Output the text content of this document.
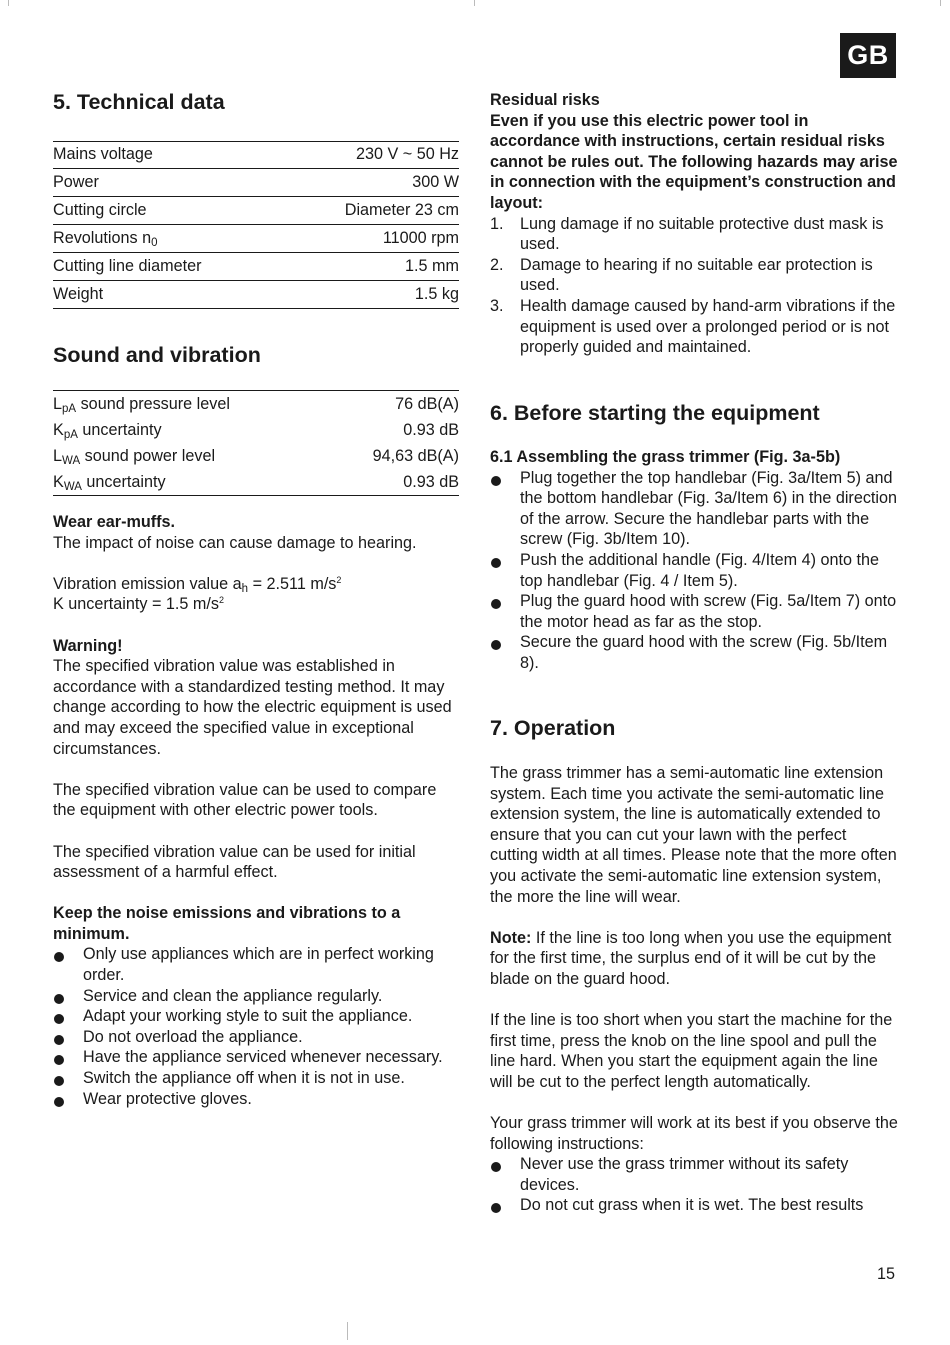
GB
5. Technical data
Mains voltage	230 V ~ 50 Hz
Power	300 W
Cutting circle	Diameter 23 cm
Revolutions $n_0$	11000 rpm
Cutting line diameter	1.5 mm
Weight	1.5 kg
Sound and vibration
$L_{pA}$ sound pressure level	76 dB(A)
$K_{pA}$ uncertainty	0.93 dB
$L_{WA}$ sound power level	94,63 dB(A)
$K_{WA}$ uncertainty	0.93 dB

Wear ear-muffs.

The impact of noise can cause damage to hearing.

Vibration emission value $a_h = 2.511$ $m/s^2$

K uncertainty = 1.5 $m/s^2$

Warning!

The specified vibration value was established in accordance with a standardized testing method. It may change according to how the electric equipment is used and may exceed the specified value in exceptional circumstances.

The specified vibration value can be used to compare the equipment with other electric power tools.

The specified vibration value can be used for initial assessment of a harmful effect.

Keep the noise emissions and vibrations to a minimum.

Only use appliances which are in perfect working order.
Service and clean the appliance regularly.
Adapt your working style to suit the appliance.
Do not overload the appliance.
Have the appliance serviced whenever necessary.
Switch the appliance off when it is not in use.
Wear protective gloves.

Residual risks

Even if you use this electric power tool in accordance with instructions, certain residual risks cannot be rules out. The following hazards may arise in connection with the equipment’s construction and layout:

1. Lung damage if no suitable protective dust mask is used.
2. Damage to hearing if no suitable ear protection is used.
3. Health damage caused by hand-arm vibrations if the equipment is used over a prolonged period or is not properly guided and maintained.
6. Before starting the equipment

6.1 Assembling the grass trimmer (Fig. 3a-5b)

Plug together the top handlebar (Fig. 3a/Item 5) and the bottom handlebar (Fig. 3a/Item 6) in the direction of the arrow. Secure the handlebar parts with the screw (Fig. 3b/Item 10).
Push the additional handle (Fig. 4/Item 4) onto the top handlebar (Fig. 4 / Item 5).
Plug the guard hood with screw (Fig. 5a/Item 7) onto the motor head as far as the stop.
Secure the guard hood with the screw (Fig. 5b/Item 8).
7. Operation

The grass trimmer has a semi-automatic line extension system. Each time you activate the semi-automatic line extension system, the line is automatically extended to ensure that you can cut your lawn with the perfect cutting width at all times. Please note that the more often you activate the semi-automatic line extension system, the more the line will wear.

Note: If the line is too long when you use the equipment for the first time, the surplus end of it will be cut by the blade on the guard hood.

If the line is too short when you start the machine for the first time, press the knob on the line spool and pull the line hard. When you start the equipment again the line will be cut to the perfect length automatically.

Your grass trimmer will work at its best if you observe the following instructions:

Never use the grass trimmer without its safety devices.
Do not cut grass when it is wet. The best results
15
